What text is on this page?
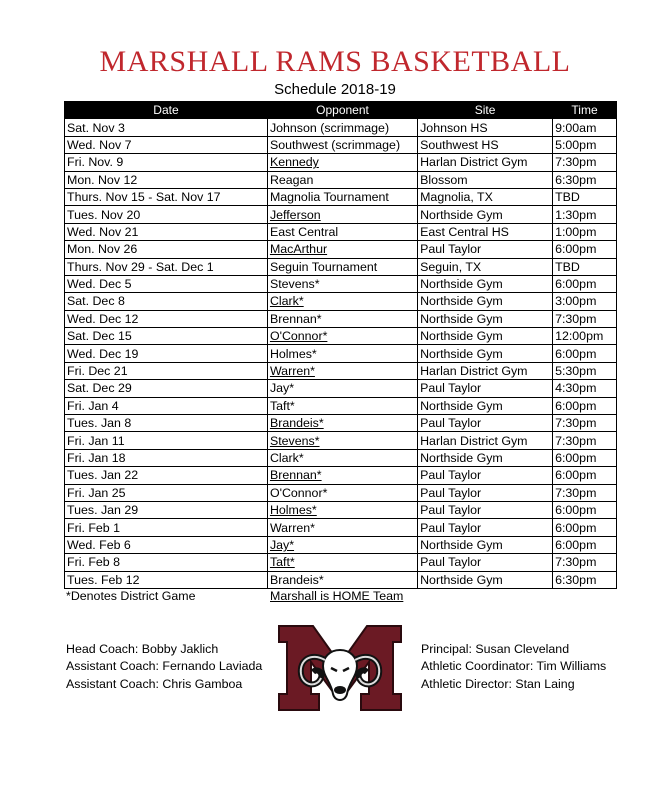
MARSHALL RAMS BASKETBALL
Schedule 2018-19
Date	Opponent	Site	Time
Sat. Nov 3	Johnson (scrimmage)	Johnson HS	9:00am
Wed. Nov 7	Southwest (scrimmage)	Southwest HS	5:00pm
Fri. Nov. 9	Kennedy	Harlan District Gym	7:30pm
Mon. Nov 12	Reagan	Blossom	6:30pm
Thurs. Nov 15 - Sat. Nov 17	Magnolia Tournament	Magnolia, TX	TBD
Tues. Nov 20	Jefferson	Northside Gym	1:30pm
Wed. Nov 21	East Central	East Central HS	1:00pm
Mon. Nov 26	MacArthur	Paul Taylor	6:00pm
Thurs. Nov 29 - Sat. Dec 1	Seguin Tournament	Seguin, TX	TBD
Wed. Dec 5	Stevens*	Northside Gym	6:00pm
Sat. Dec 8	Clark*	Northside Gym	3:00pm
Wed. Dec 12	Brennan*	Northside Gym	7:30pm
Sat. Dec 15	O'Connor*	Northside Gym	12:00pm
Wed. Dec 19	Holmes*	Northside Gym	6:00pm
Fri. Dec 21	Warren*	Harlan District Gym	5:30pm
Sat. Dec 29	Jay*	Paul Taylor	4:30pm
Fri. Jan 4	Taft*	Northside Gym	6:00pm
Tues. Jan 8	Brandeis*	Paul Taylor	7:30pm
Fri. Jan 11	Stevens*	Harlan District Gym	7:30pm
Fri. Jan 18	Clark*	Northside Gym	6:00pm
Tues. Jan 22	Brennan*	Paul Taylor	6:00pm
Fri. Jan 25	O'Connor*	Paul Taylor	7:30pm
Tues. Jan 29	Holmes*	Paul Taylor	6:00pm
Fri. Feb 1	Warren*	Paul Taylor	6:00pm
Wed. Feb 6	Jay*	Northside Gym	6:00pm
Fri. Feb 8	Taft*	Paul Taylor	7:30pm
Tues. Feb 12	Brandeis*	Northside Gym	6:30pm
*Denotes District Game	Marshall is HOME Team
Head Coach: Bobby Jaklich
Assistant Coach: Fernando Laviada
Assistant Coach: Chris Gamboa
Principal: Susan Cleveland
Athletic Coordinator: Tim Williams
Athletic Director: Stan Laing
